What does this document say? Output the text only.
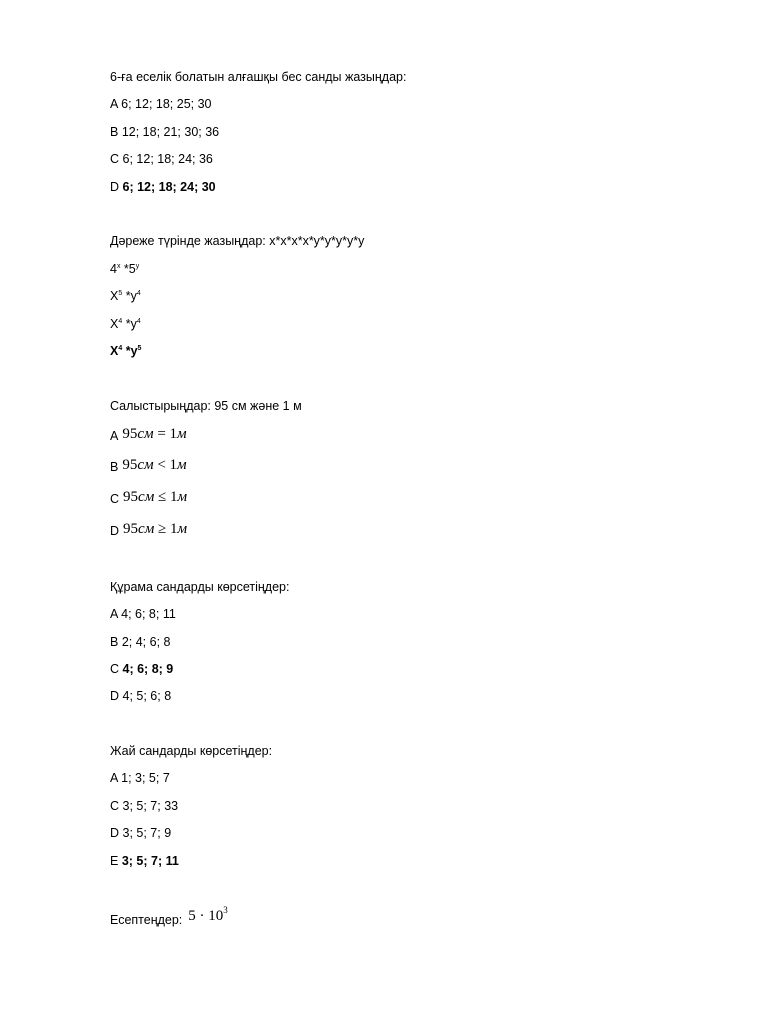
6-ға еселік болатын алғашқы бес санды жазыңдар:
A 6; 12; 18; 25; 30
B 12; 18; 21; 30; 36
C 6; 12; 18; 24; 36
D 6; 12; 18; 24; 30
Дәреже түрінде жазыңдар: х*х*х*х*у*у*у*у*у
$4^х$ $*5^у$
$Х^5$ $*у^4$
$Х^4$ $*у^4$
$Х^4$ $*у^5$
Салыстырыңдар: 95 см және 1 м
A 95см = 1м
B 95см < 1м
C 95см ≤ 1м
D 95см ≥ 1м
Құрама сандарды көрсетіңдер:
A 4; 6; 8; 11
B 2; 4; 6; 8
C 4; 6; 8; 9
D 4; 5; 6; 8
Жай сандарды көрсетіңдер:
A 1; 3; 5; 7
C 3; 5; 7; 33
D 3; 5; 7; 9
E 3; 5; 7; 11
Есептеңдер: $5 \cdot 10^3$
